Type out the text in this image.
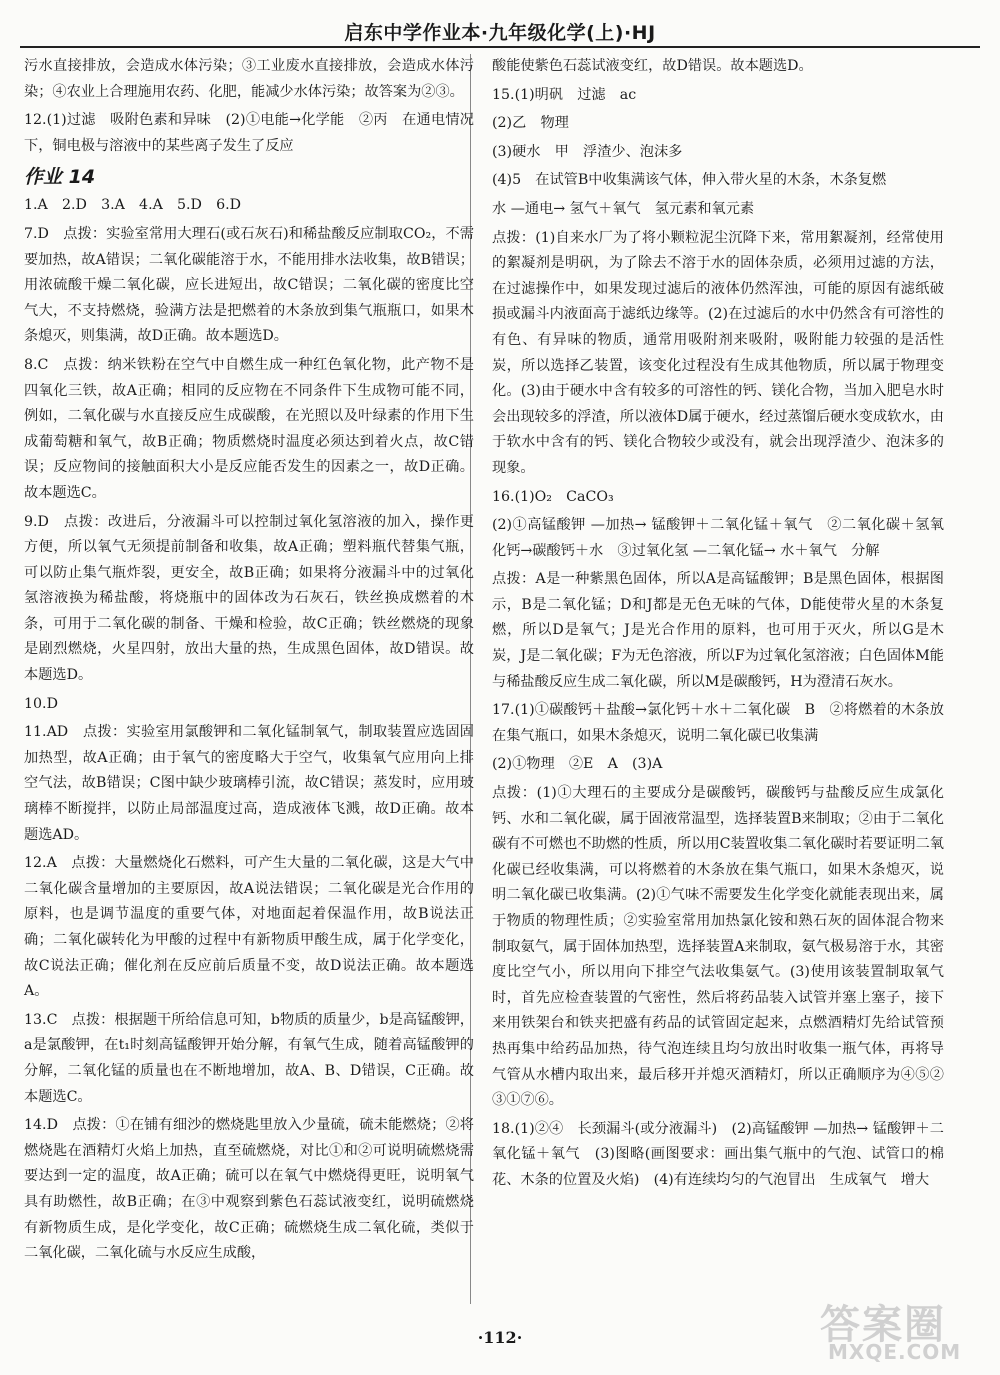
启东中学作业本·九年级化学(上)·HJ

污水直接排放，会造成水体污染；③工业废水直接排放，会造成水体污染；④农业上合理施用农药、化肥，能减少水体污染；故答案为②③。

12.(1)过滤　吸附色素和异味　(2)①电能→化学能　②丙　在通电情况下，铜电极与溶液中的某些离子发生了反应

作业 14

1.A　2.D　3.A　4.A　5.D　6.D

7.D　点拨：实验室常用大理石(或石灰石)和稀盐酸反应制取CO₂，不需要加热，故A错误；二氧化碳能溶于水，不能用排水法收集，故B错误；用浓硫酸干燥二氧化碳，应长进短出，故C错误；二氧化碳的密度比空气大，不支持燃烧，验满方法是把燃着的木条放到集气瓶瓶口，如果木条熄灭，则集满，故D正确。故本题选D。

8.C　点拨：纳米铁粉在空气中自燃生成一种红色氧化物，此产物不是四氧化三铁，故A正确；相同的反应物在不同条件下生成物可能不同，例如，二氧化碳与水直接反应生成碳酸，在光照以及叶绿素的作用下生成葡萄糖和氧气，故B正确；物质燃烧时温度必须达到着火点，故C错误；反应物间的接触面积大小是反应能否发生的因素之一，故D正确。故本题选C。

9.D　点拨：改进后，分液漏斗可以控制过氧化氢溶液的加入，操作更方便，所以氧气无须提前制备和收集，故A正确；塑料瓶代替集气瓶，可以防止集气瓶炸裂，更安全，故B正确；如果将分液漏斗中的过氧化氢溶液换为稀盐酸，将烧瓶中的固体改为石灰石，铁丝换成燃着的木条，可用于二氧化碳的制备、干燥和检验，故C正确；铁丝燃烧的现象是剧烈燃烧，火星四射，放出大量的热，生成黑色固体，故D错误。故本题选D。

10.D

11.AD　点拨：实验室用氯酸钾和二氧化锰制氧气，制取装置应选固固加热型，故A正确；由于氧气的密度略大于空气，收集氧气应用向上排空气法，故B错误；C图中缺少玻璃棒引流，故C错误；蒸发时，应用玻璃棒不断搅拌，以防止局部温度过高，造成液体飞溅，故D正确。故本题选AD。

12.A　点拨：大量燃烧化石燃料，可产生大量的二氧化碳，这是大气中二氧化碳含量增加的主要原因，故A说法错误；二氧化碳是光合作用的原料，也是调节温度的重要气体，对地面起着保温作用，故B说法正确；二氧化碳转化为甲酸的过程中有新物质甲酸生成，属于化学变化，故C说法正确；催化剂在反应前后质量不变，故D说法正确。故本题选A。

13.C　点拨：根据题干所给信息可知，b物质的质量少，b是高锰酸钾，a是氯酸钾，在t₁时刻高锰酸钾开始分解，有氧气生成，随着高锰酸钾的分解，二氧化锰的质量也在不断地增加，故A、B、D错误，C正确。故本题选C。

14.D　点拨：①在铺有细沙的燃烧匙里放入少量硫，硫未能燃烧；②将燃烧匙在酒精灯火焰上加热，直至硫燃烧，对比①和②可说明硫燃烧需要达到一定的温度，故A正确；硫可以在氧气中燃烧得更旺，说明氧气具有助燃性，故B正确；在③中观察到紫色石蕊试液变红，说明硫燃烧有新物质生成，是化学变化，故C正确；硫燃烧生成二氧化硫，类似于二氧化碳，二氧化硫与水反应生成酸，

酸能使紫色石蕊试液变红，故D错误。故本题选D。

15.(1)明矾　过滤　ac

(2)乙　物理

(3)硬水　甲　浮渣少、泡沫多

(4)5　在试管B中收集满该气体，伸入带火星的木条，木条复燃

水 —通电→ 氢气＋氧气　氢元素和氧元素

点拨：(1)自来水厂为了将小颗粒泥尘沉降下来，常用絮凝剂，经常使用的絮凝剂是明矾，为了除去不溶于水的固体杂质，必须用过滤的方法，在过滤操作中，如果发现过滤后的液体仍然浑浊，可能的原因有滤纸破损或漏斗内液面高于滤纸边缘等。(2)在过滤后的水中仍然含有可溶性的有色、有异味的物质，通常用吸附剂来吸附，吸附能力较强的是活性炭，所以选择乙装置，该变化过程没有生成其他物质，所以属于物理变化。(3)由于硬水中含有较多的可溶性的钙、镁化合物，当加入肥皂水时会出现较多的浮渣，所以液体D属于硬水，经过蒸馏后硬水变成软水，由于软水中含有的钙、镁化合物较少或没有，就会出现浮渣少、泡沫多的现象。

16.(1)O₂　CaCO₃

(2)①高锰酸钾 —加热→ 锰酸钾＋二氧化锰＋氧气　②二氧化碳＋氢氧化钙→碳酸钙＋水　③过氧化氢 —二氧化锰→ 水＋氧气　分解

点拨：A是一种紫黑色固体，所以A是高锰酸钾；B是黑色固体，根据图示，B是二氧化锰；D和J都是无色无味的气体，D能使带火星的木条复燃，所以D是氧气；J是光合作用的原料，也可用于灭火，所以G是木炭，J是二氧化碳；F为无色溶液，所以F为过氧化氢溶液；白色固体M能与稀盐酸反应生成二氧化碳，所以M是碳酸钙，H为澄清石灰水。

17.(1)①碳酸钙＋盐酸→氯化钙＋水＋二氧化碳　B　②将燃着的木条放在集气瓶口，如果木条熄灭，说明二氧化碳已收集满

(2)①物理　②E　A　(3)A

点拨：(1)①大理石的主要成分是碳酸钙，碳酸钙与盐酸反应生成氯化钙、水和二氧化碳，属于固液常温型，选择装置B来制取；②由于二氧化碳有不可燃也不助燃的性质，所以用C装置收集二氧化碳时若要证明二氧化碳已经收集满，可以将燃着的木条放在集气瓶口，如果木条熄灭，说明二氧化碳已收集满。(2)①气味不需要发生化学变化就能表现出来，属于物质的物理性质；②实验室常用加热氯化铵和熟石灰的固体混合物来制取氨气，属于固体加热型，选择装置A来制取，氨气极易溶于水，其密度比空气小，所以用向下排空气法收集氨气。(3)使用该装置制取氧气时，首先应检查装置的气密性，然后将药品装入试管并塞上塞子，接下来用铁架台和铁夹把盛有药品的试管固定起来，点燃酒精灯先给试管预热再集中给药品加热，待气泡连续且均匀放出时收集一瓶气体，再将导气管从水槽内取出来，最后移开并熄灭酒精灯，所以正确顺序为④⑤②③①⑦⑥。

18.(1)②④　长颈漏斗(或分液漏斗)　(2)高锰酸钾 —加热→ 锰酸钾＋二氧化锰＋氧气　(3)图略(画图要求：画出集气瓶中的气泡、试管口的棉花、木条的位置及火焰)　(4)有连续均匀的气泡冒出　生成氧气　增大

·112·	答案圈
MXQE.COM
